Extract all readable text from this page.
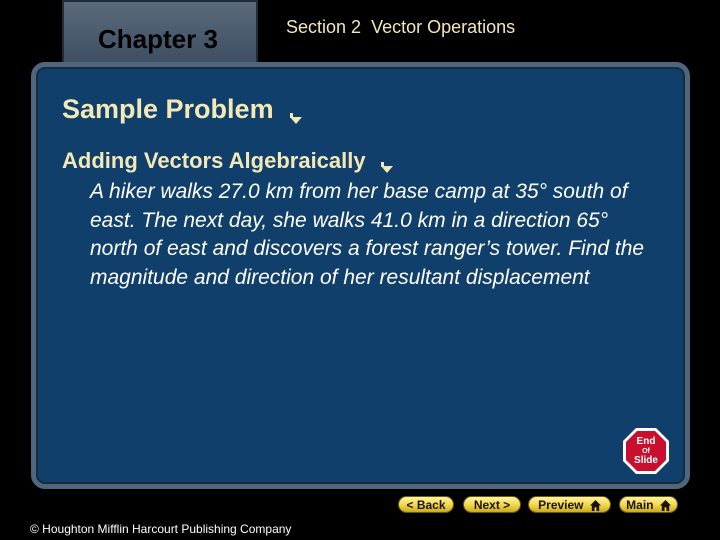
Chapter 3	Section 2 Vector Operations
Sample Problem
Adding Vectors Algebraically
A hiker walks 27.0 km from her base camp at 35° south of east. The next day, she walks 41.0 km in a direction 65° north of east and discovers a forest ranger’s tower. Find the magnitude and direction of her resultant displacement
End
Of
Slide
© Houghton Mifflin Harcourt Publishing Company
< Back	Next >	Preview	Main
